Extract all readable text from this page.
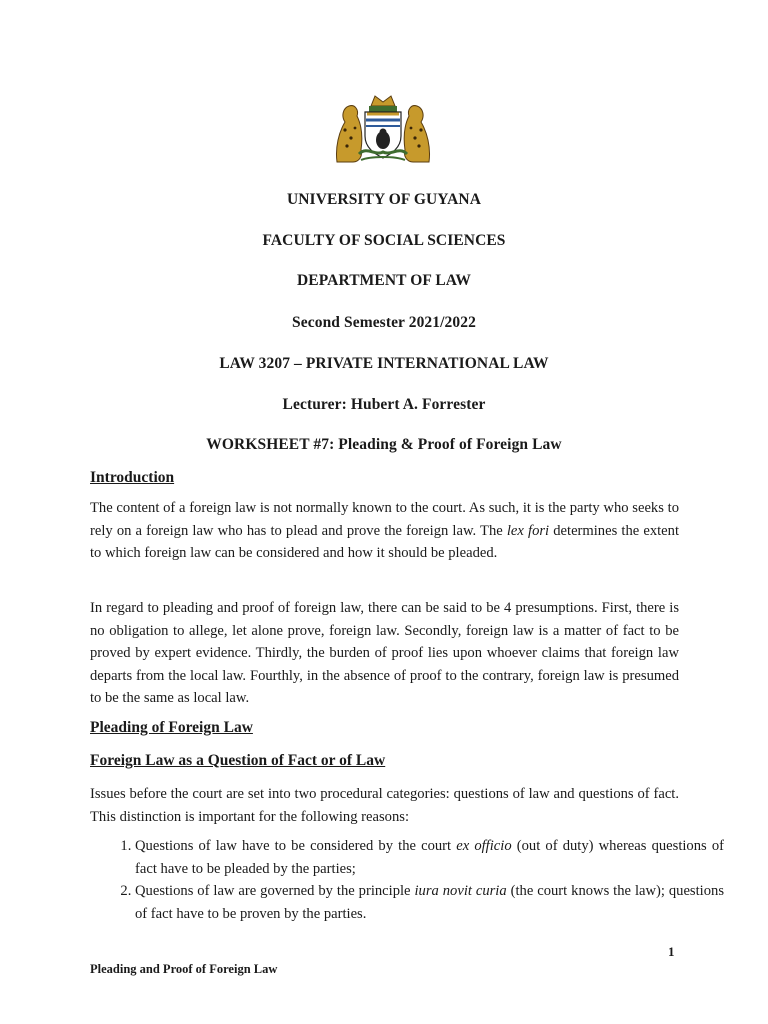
UNIVERSITY OF GUYANA
FACULTY OF SOCIAL SCIENCES
DEPARTMENT OF LAW
Second Semester 2021/2022
LAW 3207 – PRIVATE INTERNATIONAL LAW
Lecturer: Hubert A. Forrester
WORKSHEET #7: Pleading & Proof of Foreign Law
Introduction
The content of a foreign law is not normally known to the court. As such, it is the party who seeks to rely on a foreign law who has to plead and prove the foreign law. The lex fori determines the extent to which foreign law can be considered and how it should be pleaded.
In regard to pleading and proof of foreign law, there can be said to be 4 presumptions. First, there is no obligation to allege, let alone prove, foreign law. Secondly, foreign law is a matter of fact to be proved by expert evidence. Thirdly, the burden of proof lies upon whoever claims that foreign law departs from the local law. Fourthly, in the absence of proof to the contrary, foreign law is presumed to be the same as local law.
Pleading of Foreign Law
Foreign Law as a Question of Fact or of Law
Issues before the court are set into two procedural categories: questions of law and questions of fact. This distinction is important for the following reasons:
1. Questions of law have to be considered by the court ex officio (out of duty) whereas questions of fact have to be pleaded by the parties;
2. Questions of law are governed by the principle iura novit curia (the court knows the law); questions of fact have to be proven by the parties.
1
Pleading and Proof of Foreign Law
